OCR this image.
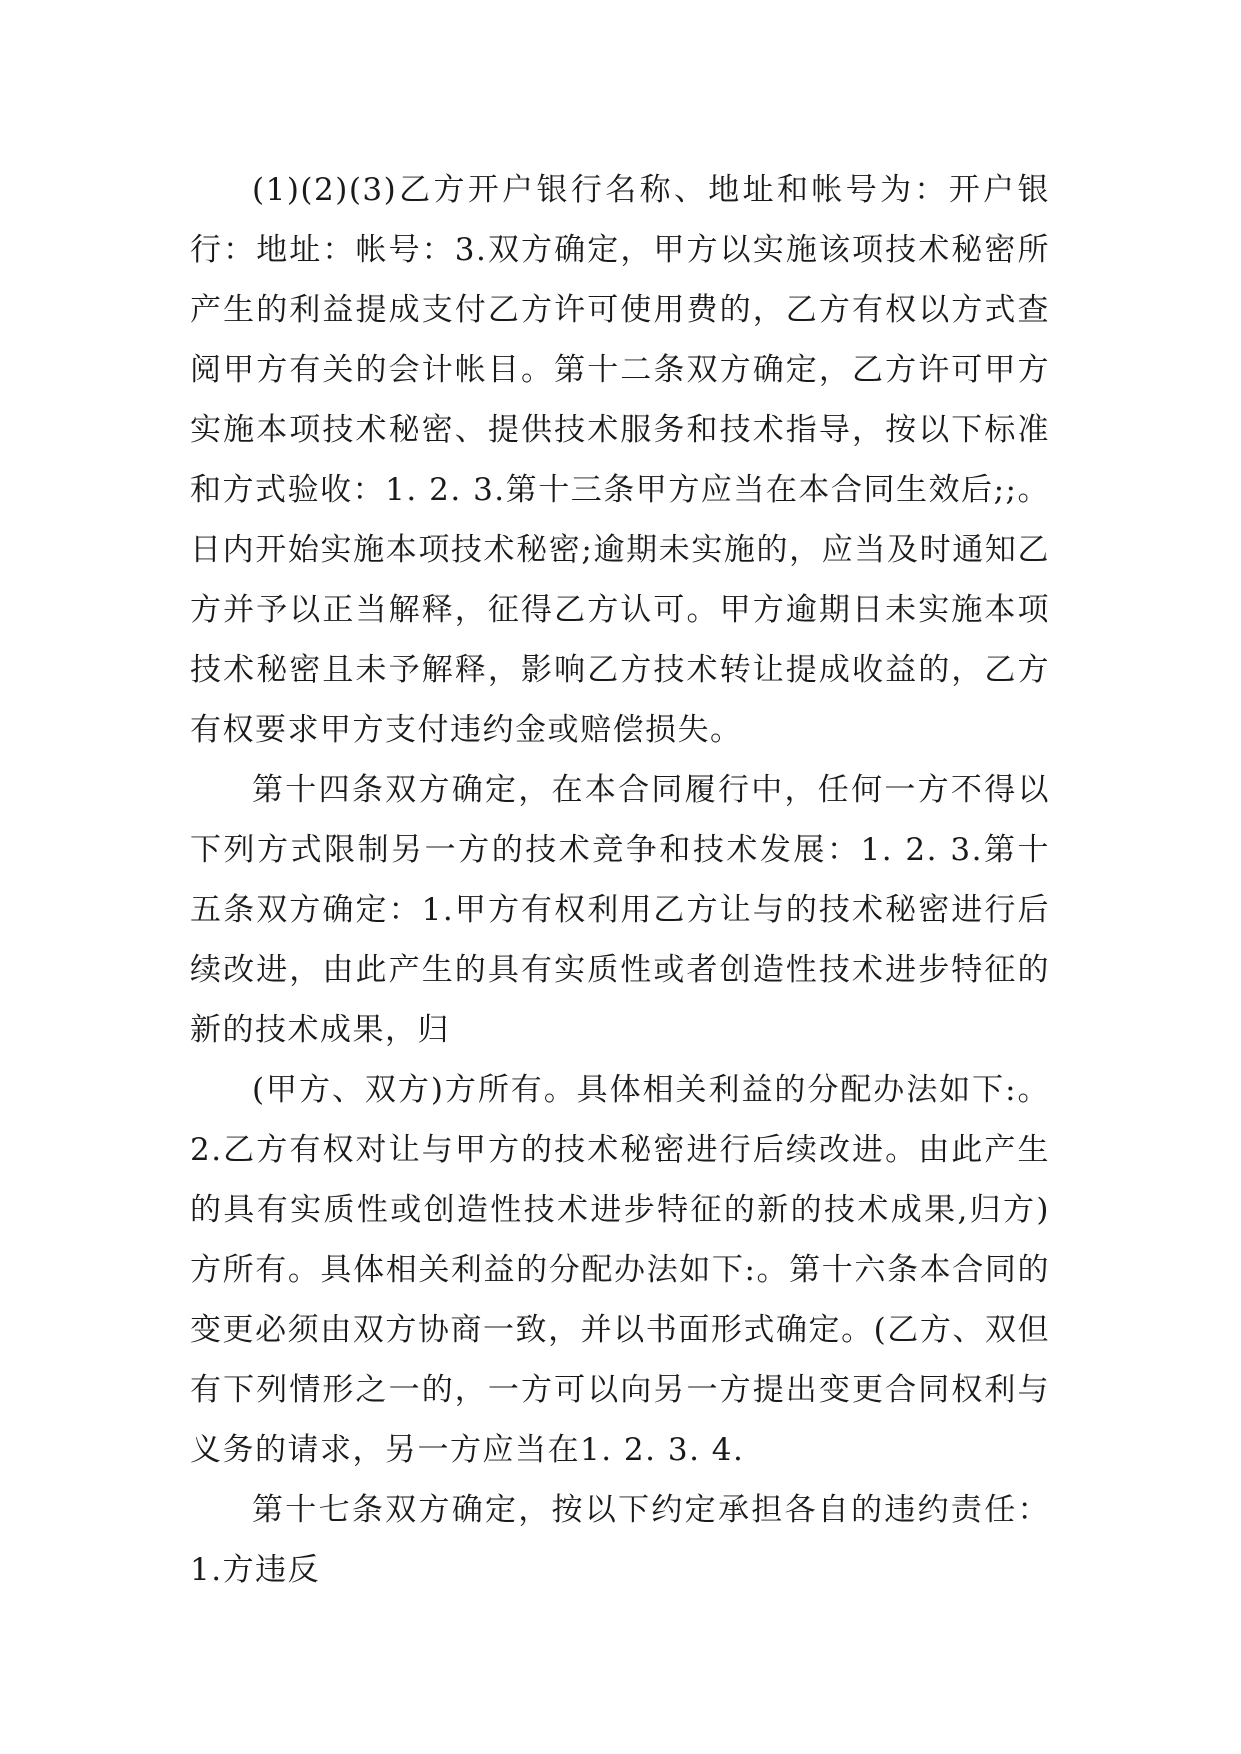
(1)(2)(3)乙方开户银行名称、地址和帐号为：开户银行：地址：帐号：3.双方确定，甲方以实施该项技术秘密所产生的利益提成支付乙方许可使用费的，乙方有权以方式查阅甲方有关的会计帐目。第十二条双方确定，乙方许可甲方实施本项技术秘密、提供技术服务和技术指导，按以下标准和方式验收：1. 2. 3.第十三条甲方应当在本合同生效后;;。日内开始实施本项技术秘密;逾期未实施的，应当及时通知乙方并予以正当解释，征得乙方认可。甲方逾期日未实施本项技术秘密且未予解释，影响乙方技术转让提成收益的，乙方有权要求甲方支付违约金或赔偿损失。

第十四条双方确定，在本合同履行中，任何一方不得以下列方式限制另一方的技术竞争和技术发展：1. 2. 3.第十五条双方确定：1.甲方有权利用乙方让与的技术秘密进行后续改进，由此产生的具有实质性或者创造性技术进步特征的新的技术成果，归

(甲方、双方)方所有。具体相关利益的分配办法如下:。2.乙方有权对让与甲方的技术秘密进行后续改进。由此产生的具有实质性或创造性技术进步特征的新的技术成果,归方)方所有。具体相关利益的分配办法如下:。第十六条本合同的变更必须由双方协商一致，并以书面形式确定。(乙方、双但有下列情形之一的，一方可以向另一方提出变更合同权利与义务的请求，另一方应当在1. 2. 3. 4.

第十七条双方确定，按以下约定承担各自的违约责任：1.方违反
